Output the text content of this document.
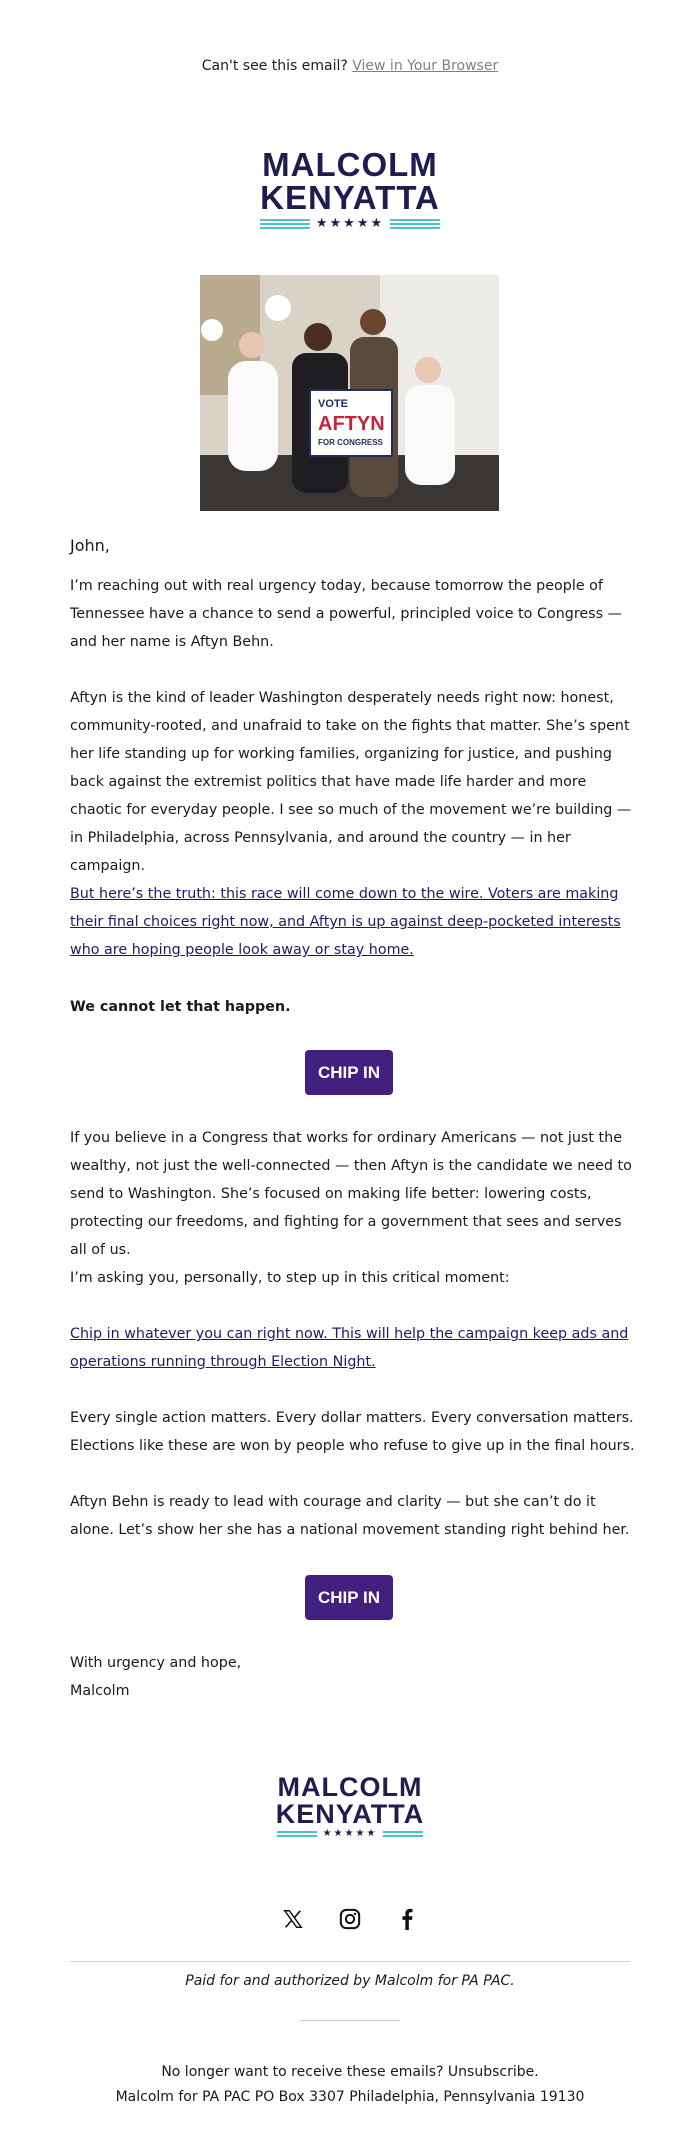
Can't see this email? View in Your Browser
MALCOLM
KENYATTA
★★★★★
VOTE
AFTYN
FOR CONGRESS

John,

I’m reaching out with real urgency today, because tomorrow the people of Tennessee have a chance to send a powerful, principled voice to Congress — and her name is Aftyn Behn.

Aftyn is the kind of leader Washington desperately needs right now: honest, community-rooted, and unafraid to take on the fights that matter. She’s spent her life standing up for working families, organizing for justice, and pushing back against the extremist politics that have made life harder and more chaotic for everyday people. I see so much of the movement we’re building — in Philadelphia, across Pennsylvania, and around the country — in her campaign.

But here’s the truth: this race will come down to the wire. Voters are making their final choices right now, and Aftyn is up against deep-pocketed interests who are hoping people look away or stay home.

We cannot let that happen.

CHIP IN

If you believe in a Congress that works for ordinary Americans — not just the wealthy, not just the well-connected — then Aftyn is the candidate we need to send to Washington. She’s focused on making life better: lowering costs, protecting our freedoms, and fighting for a government that sees and serves all of us.

I’m asking you, personally, to step up in this critical moment:

Chip in whatever you can right now. This will help the campaign keep ads and operations running through Election Night.

Every single action matters. Every dollar matters. Every conversation matters. Elections like these are won by people who refuse to give up in the final hours.

Aftyn Behn is ready to lead with courage and clarity — but she can’t do it alone. Let’s show her she has a national movement standing right behind her.

CHIP IN

With urgency and hope,

Malcolm

MALCOLM
KENYATTA
★★★★★
Paid for and authorized by Malcolm for PA PAC.
No longer want to receive these emails? Unsubscribe.
Malcolm for PA PAC PO Box 3307 Philadelphia, Pennsylvania 19130
